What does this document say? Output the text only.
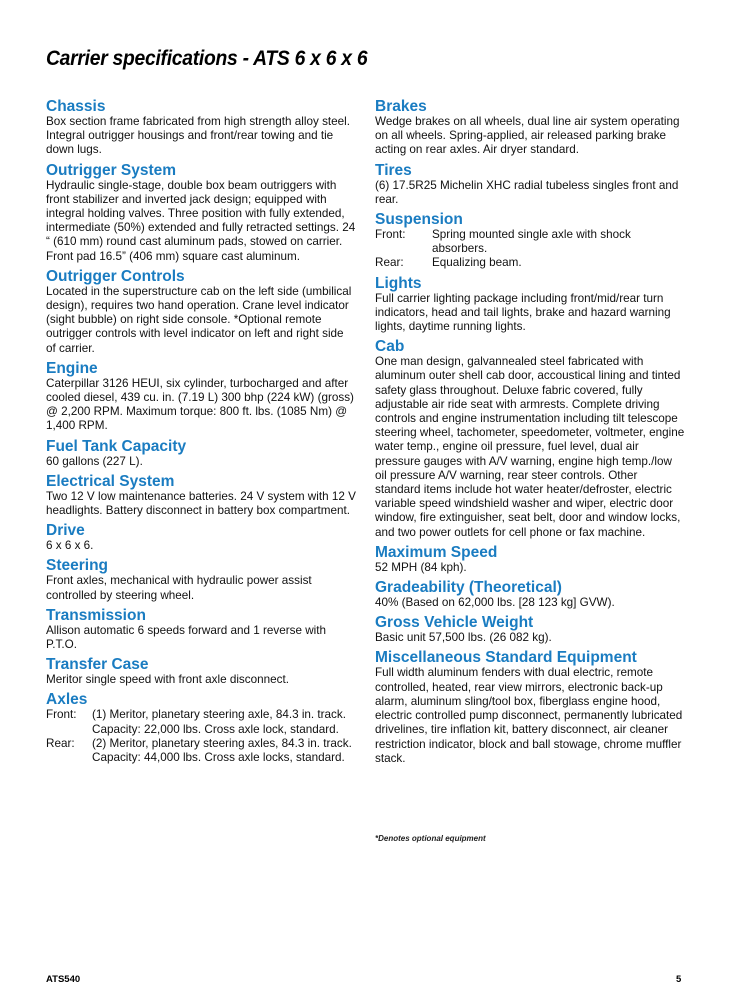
Carrier specifications - ATS 6 x 6 x 6
Chassis

Box section frame fabricated from high strength alloy steel. Integral outrigger housings and front/rear towing and tie down lugs.

Outrigger System

Hydraulic single-stage, double box beam outriggers with front stabilizer and inverted jack design; equipped with integral holding valves. Three position with fully extended, intermediate (50%) extended and fully retracted settings. 24 “ (610 mm) round cast aluminum pads, stowed on carrier. Front pad 16.5” (406 mm) square cast aluminum.

Outrigger Controls

Located in the superstructure cab on the left side (umbilical design), requires two hand operation. Crane level indicator (sight bubble) on right side console. *Optional remote outrigger controls with level indicator on left and right side of carrier.

Engine

Caterpillar 3126 HEUI, six cylinder, turbocharged and after cooled diesel, 439 cu. in. (7.19 L) 300 bhp (224 kW) (gross) @ 2,200 RPM. Maximum torque: 800 ft. lbs. (1085 Nm) @ 1,400 RPM.

Fuel Tank Capacity

60 gallons (227 L).

Electrical System

Two 12 V low maintenance batteries. 24 V system with 12 V headlights. Battery disconnect in battery box compartment.

Drive

6 x 6 x 6.

Steering

Front axles, mechanical with hydraulic power assist controlled by steering wheel.

Transmission

Allison automatic 6 speeds forward and 1 reverse with P.T.O.

Transfer Case

Meritor single speed with front axle disconnect.

Axles
Front:	(1) Meritor, planetary steering axle, 84.3 in. track.
Capacity: 22,000 lbs. Cross axle lock, standard.
Rear:	(2) Meritor, planetary steering axles, 84.3 in. track.
Capacity: 44,000 lbs. Cross axle locks, standard.
Brakes

Wedge brakes on all wheels, dual line air system operating on all wheels. Spring-applied, air released parking brake acting on rear axles. Air dryer standard.

Tires

(6) 17.5R25 Michelin XHC radial tubeless singles front and rear.

Suspension
Front:	Spring mounted single axle with shock absorbers.
Rear:	Equalizing beam.
Lights

Full carrier lighting package including front/mid/rear turn indicators, head and tail lights, brake and hazard warning lights, daytime running lights.

Cab

One man design, galvannealed steel fabricated with aluminum outer shell cab door, accoustical lining and tinted safety glass throughout. Deluxe fabric covered, fully adjustable air ride seat with armrests. Complete driving controls and engine instrumentation including tilt telescope steering wheel, tachometer, speedometer, voltmeter, engine water temp., engine oil pressure, fuel level, dual air pressure gauges with A/V warning, engine high temp./low oil pressure A/V warning, rear steer controls. Other standard items include hot water heater/defroster, electric variable speed windshield washer and wiper, electric door window, fire extinguisher, seat belt, door and window locks, and two power outlets for cell phone or fax machine.

Maximum Speed

52 MPH (84 kph).

Gradeability (Theoretical)

40% (Based on 62,000 lbs. [28 123 kg] GVW).

Gross Vehicle Weight

Basic unit 57,500 lbs. (26 082 kg).

Miscellaneous Standard Equipment

Full width aluminum fenders with dual electric, remote controlled, heated, rear view mirrors, electronic back-up alarm, aluminum sling/tool box, fiberglass engine hood, electric controlled pump disconnect, permanently lubricated drivelines, tire inflation kit, battery disconnect, air cleaner restriction indicator, block and ball stowage, chrome muffler stack.

*Denotes optional equipment
ATS540	5
